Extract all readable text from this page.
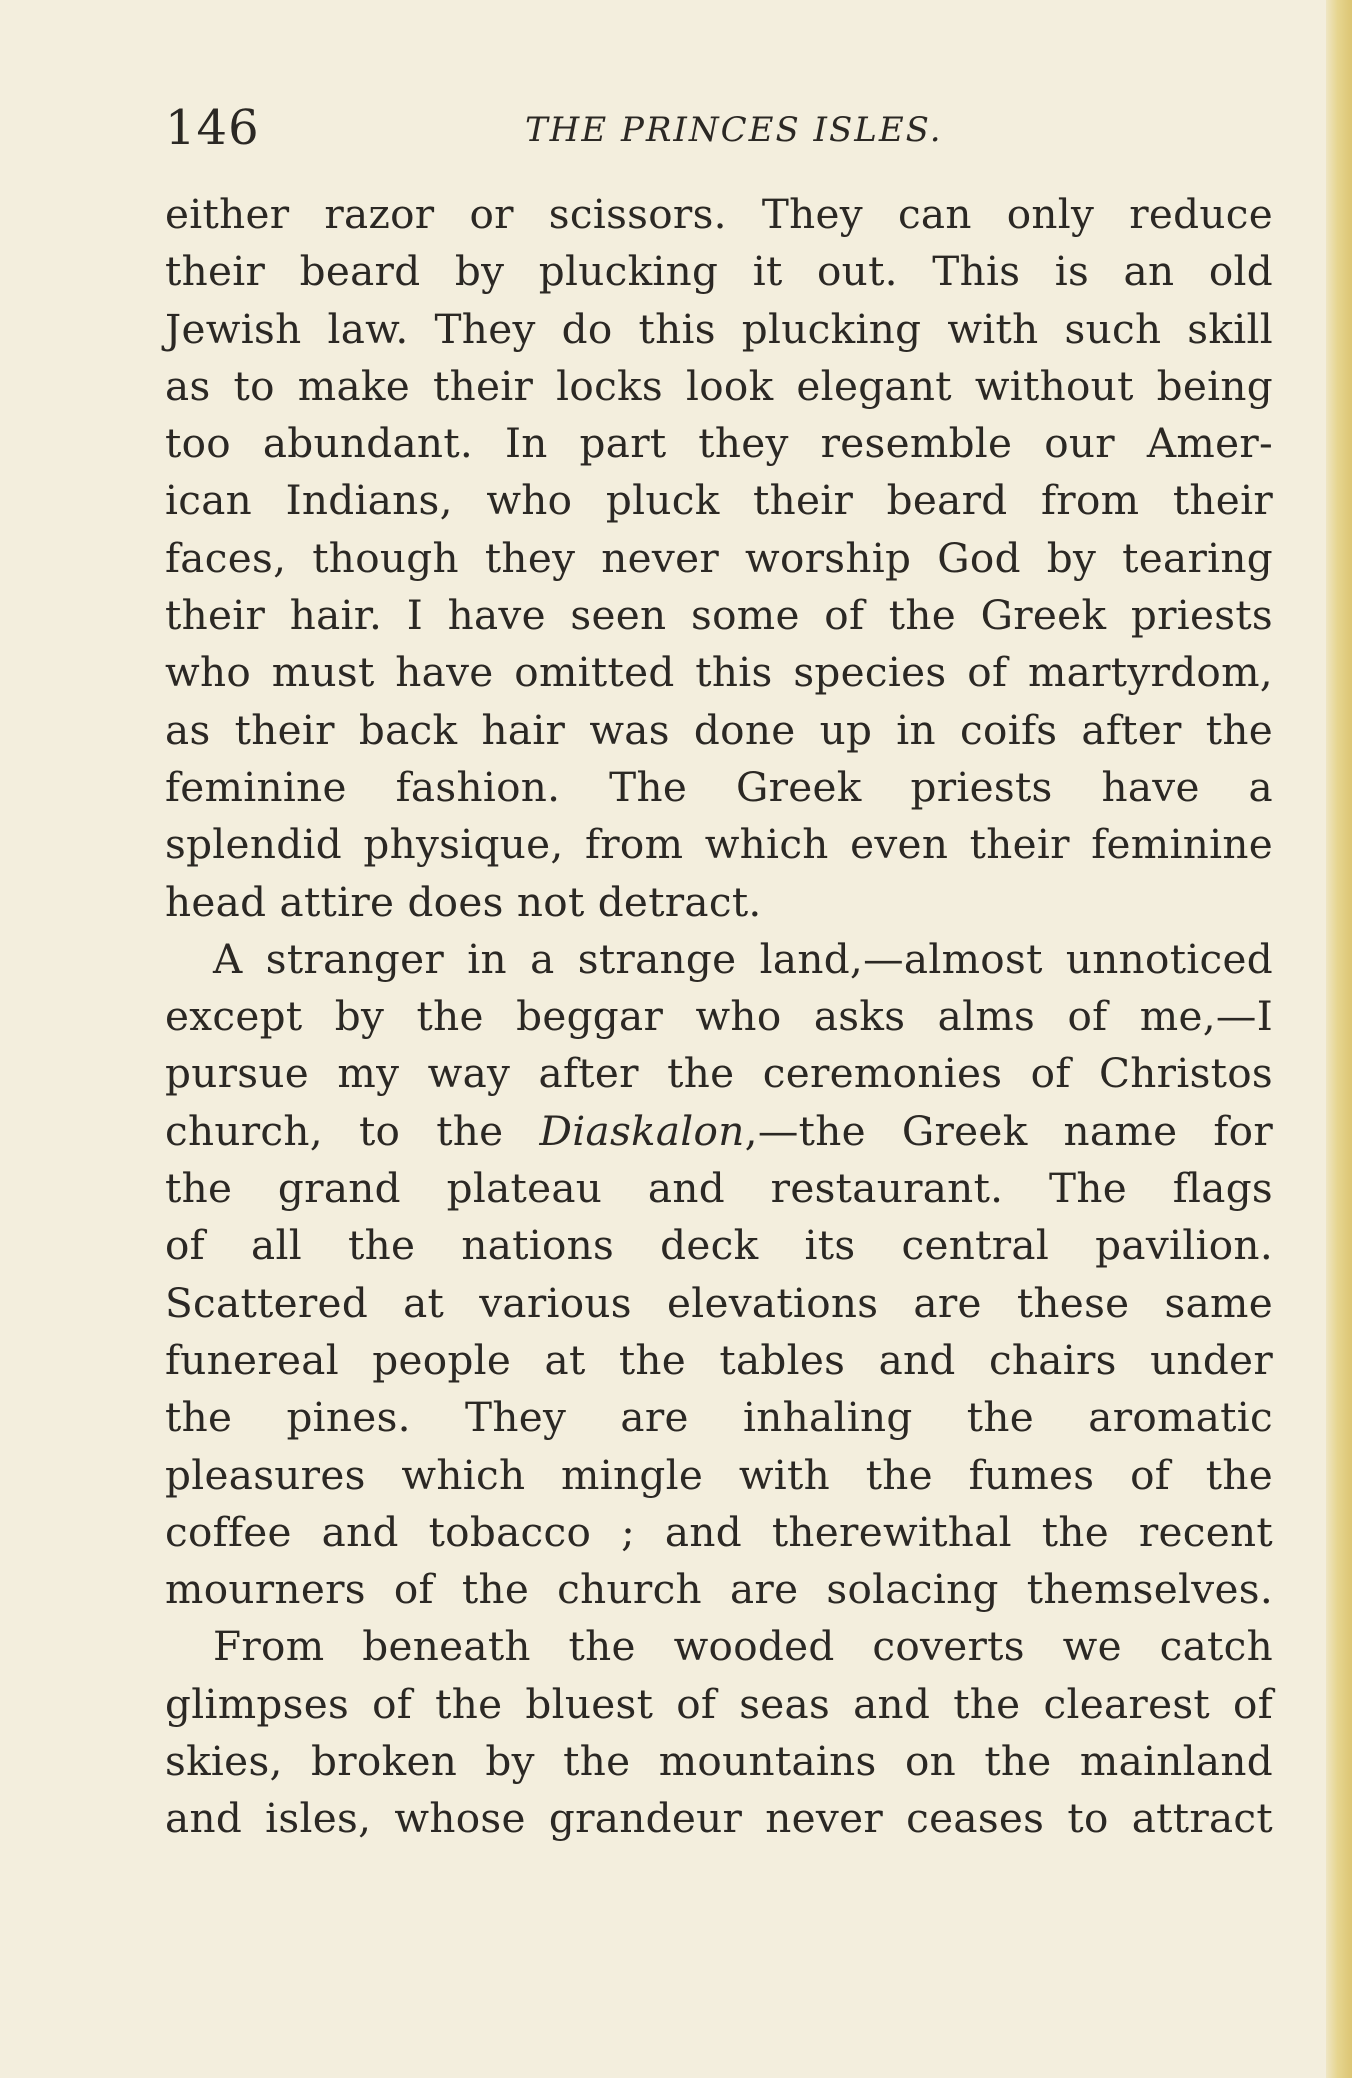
146	THE PRINCES ISLES.
either razor or scissors. They can only reduce
their beard by plucking it out. This is an old
Jewish law. They do this plucking with such skill
as to make their locks look elegant without being
too abundant. In part they resemble our Amer-
ican Indians, who pluck their beard from their
faces, though they never worship God by tearing
their hair. I have seen some of the Greek priests
who must have omitted this species of martyrdom,
as their back hair was done up in coifs after the
feminine fashion. The Greek priests have a
splendid physique, from which even their feminine
head attire does not detract.
A stranger in a strange land,—almost unnoticed
except by the beggar who asks alms of me,—I
pursue my way after the ceremonies of Christos
church, to the Diaskalon,—the Greek name for
the grand plateau and restaurant. The flags
of all the nations deck its central pavilion.
Scattered at various elevations are these same
funereal people at the tables and chairs under
the pines. They are inhaling the aromatic
pleasures which mingle with the fumes of the
coffee and tobacco ; and therewithal the recent
mourners of the church are solacing themselves.
From beneath the wooded coverts we catch
glimpses of the bluest of seas and the clearest of
skies, broken by the mountains on the mainland
and isles, whose grandeur never ceases to attract
